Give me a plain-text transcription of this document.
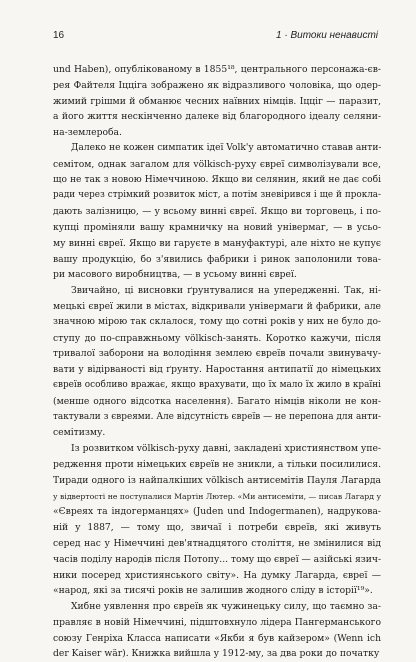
16	1 · Витоки ненависті
und Haben), опублікованому в 1855¹⁸, центрального персонажа-єв-
рея Файтеля Іцціга зображено як відразливого чоловіка, що одер-
жимий грішми й обманює чесних наївних німців. Іцціг — паразит,
а його життя нескінченно далеке від благородного ідеалу селяни-
на-землероба.
Далеко не кожен симпатик ідеї Volk'у автоматично ставав анти-
семітом, однак загалом для völkisch-руху євреї символізували все,
що не так з новою Німеччиною. Якщо ви селянин, який не дає собі
ради через стрімкий розвиток міст, а потім зневірився і ще й прокла-
дають залізницю, — у всьому винні євреї. Якщо ви торговець, і по-
купці проміняли вашу крамничку на новий універмаг, — в усьо-
му винні євреї. Якщо ви гаруєте в мануфактурі, але ніхто не купує
вашу продукцію, бо з'явились фабрики і ринок заполонили това-
ри масового виробництва, — в усьому винні євреї.
Звичайно, ці висновки ґрунтувалися на упередженні. Так, ні-
мецькі євреї жили в містах, відкривали універмаги й фабрики, але
значною мірою так склалося, тому що сотні років у них не було до-
ступу до по-справжньому völkisch-занять. Коротко кажучи, після
тривалої заборони на володіння землею євреїв почали звинувачу-
вати у відірваності від ґрунту. Наростання антипатії до німецьких
євреїв особливо вражає, якщо врахувати, що їх мало їх жило в країні
(менше одного відсотка населення). Багато німців ніколи не кон-
тактували з євреями. Але відсутність євреїв — не перепона для анти-
семітизму.
Із розвитком völkisch-руху давні, закладені християнством упе-
редження проти німецьких євреїв не зникли, а тільки посилилися.
Тиради одного із найпалкіших völkisch антисемітів Пауля Лагарда
у відвертості не поступалися Мартін Лютер. «Ми антисеміти, — писав Лагард у
«Євреях та індогерманцях» (Juden und Indogermanen), надрукова-
ній у 1887, — тому що, звичаї і потреби євреїв, які живуть
серед нас у Німеччині дев'ятнадцятого століття, не змінилися від
часів поділу народів після Потопу... тому що євреї — азійські язич-
ники посеред християнського світу». На думку Лагарда, євреї —
«народ, які за тисячі років не залишив жодного сліду в історії¹⁹».
Хибне уявлення про євреїв як чужинецьку силу, що таємно за-
правляє в новій Німеччині, підштовхнуло лідера Пангерманського
союзу Генріха Класса написати «Якби я був кайзером» (Wenn ich
der Kaiser wär). Книжка вийшла у 1912-му, за два роки до початку
